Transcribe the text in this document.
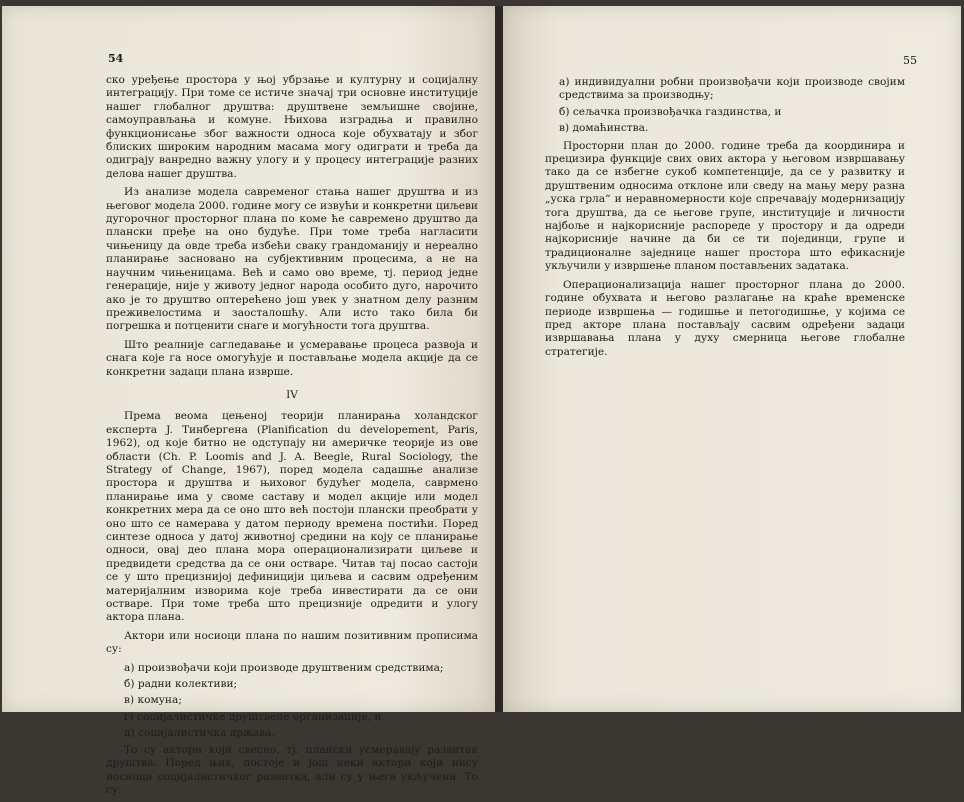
54

ско уређење простора у њој убрзање и културну и социјалну интеграцију. При томе се истиче значај три основне институције нашег глобалног друштва: друштвене земљишне својине, самоуправљања и комуне. Њихова изградња и правилно функционисање због важности односа које обухватају и због блиских широким народним масама могу одиграти и треба да одиграју ванредно важну улогу и у процесу интеграције разних делова нашег друштва.

Из анализе модела савременог стања нашег друштва и из његовог модела 2000. године могу се извући и конкретни циљеви дугорочног просторног плана по коме ће савремено друштво да плански пређе на оно будуће. При томе треба нагласити чињеницу да овде треба избећи сваку грандоманију и нереално планирање засновано на субјективним процесима, а не на научним чињеницама. Већ и само ово време, тј. период једне генерације, није у животу једног народа особито дуго, нарочито ако је то друштво оптерећено још увек у знатном делу разним преживелостима и заосталошћу. Али исто тако била би погрешка и потценити снаге и могућности тога друштва.

Што реалније сагледавање и усмеравање процеса развоја и снага које га носе омогућује и постављање модела акције да се конкретни задаци плана изврше.

IV

Према веома цењеној теорији планирања холандског експерта J. Тинбергена (Planification du developement, Paris, 1962), од које битно не одступају ни америчке теорије из ове области (Ch. P. Loomis and J. A. Beegle, Rural Sociology, the Strategy of Change, 1967), поред модела садашње анализе простора и друштва и њиховог будућег модела, саврмено планирање има у своме саставу и модел акције или модел конкретних мера да се оно што већ постоји плански преобрати у оно што се намерава у датом периоду времена постићи. Поред синтезе односа у датој животној средини на коју се планирање односи, овај део плана мора операционализирати циљеве и предвидети средства да се они остваре. Читав тај посао састоји се у што прецизнијој дефиницији циљева и сасвим одређеним материјалним изворима које треба инвестирати да се они остваре. При томе треба што прецизније одредити и улогу актора плана.

Актори или носиоци плана по нашим позитивним прописима су:

а) произвођачи који производе друштвеним средствима;
б) радни колективи;
в) комуна;
г) социјалистичке друштвене организације, и
д) социјалистичка држава.

То су актори који свесно, тј. плански усмеравају развитак друштва. Поред њих, постоје и још неки актори који нису носиоци социјалистичког развитка, али су у њега укључени. То су:

55
а) индивидуални робни произвођачи који производе својим средствима за производњу;
б) сељачка произвођачка газдинства, и
в) домаћинства.

Просторни план до 2000. године треба да координира и прецизира функције свих ових актора у његовом извршавању тако да се избегне сукоб компетенције, да се у развитку и друштвеним односима отклоне или сведу на мању меру разна „уска грла“ и неравномерности које спречавају модернизацију тога друштва, да се његове групе, институције и личности најбоље и најкорисније распореде у простору и да одреди најкорисније начине да би се ти појединци, групе и традиционалне заједнице нашег простора што ефикасније укључили у извршење планом постављених задатака.

Операционализација нашег просторног плана до 2000. године обухвата и његово разлагање на краће временске периоде извршења — годишње и петогодишње, у којима се пред акторе плана постављају сасвим одређени задаци извршавања плана у духу смерница његове глобалне стратегије.
